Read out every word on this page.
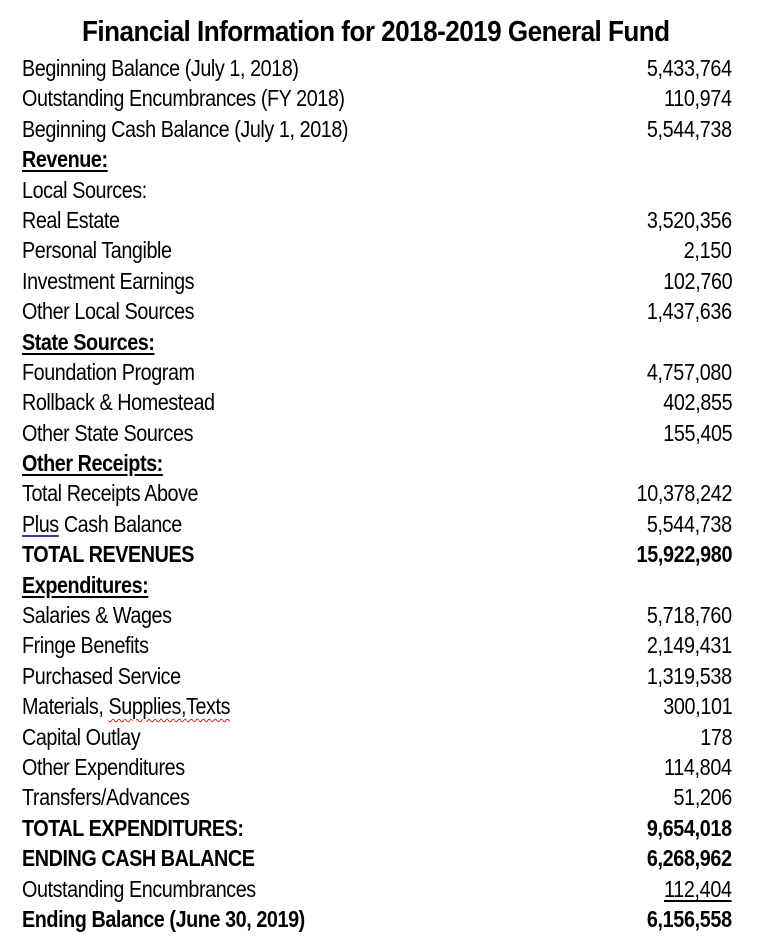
Financial Information for 2018-2019 General Fund
Beginning Balance (July 1, 2018)	5,433,764
Outstanding Encumbrances (FY 2018)	110,974
Beginning Cash Balance (July 1, 2018)	5,544,738
Revenue:
Local Sources:
Real Estate	3,520,356
Personal Tangible	2,150
Investment Earnings	102,760
Other Local Sources	1,437,636
State Sources:
Foundation Program	4,757,080
Rollback & Homestead	402,855
Other State Sources	155,405
Other Receipts:
Total Receipts Above	10,378,242
Plus Cash Balance	5,544,738
TOTAL REVENUES	15,922,980
Expenditures:
Salaries & Wages	5,718,760
Fringe Benefits	2,149,431
Purchased Service	1,319,538
Materials, Supplies,Texts	300,101
Capital Outlay	178
Other Expenditures	114,804
Transfers/Advances	51,206
TOTAL EXPENDITURES:	9,654,018
ENDING CASH BALANCE	6,268,962
Outstanding Encumbrances	112,404
Ending Balance (June 30, 2019)	6,156,558
